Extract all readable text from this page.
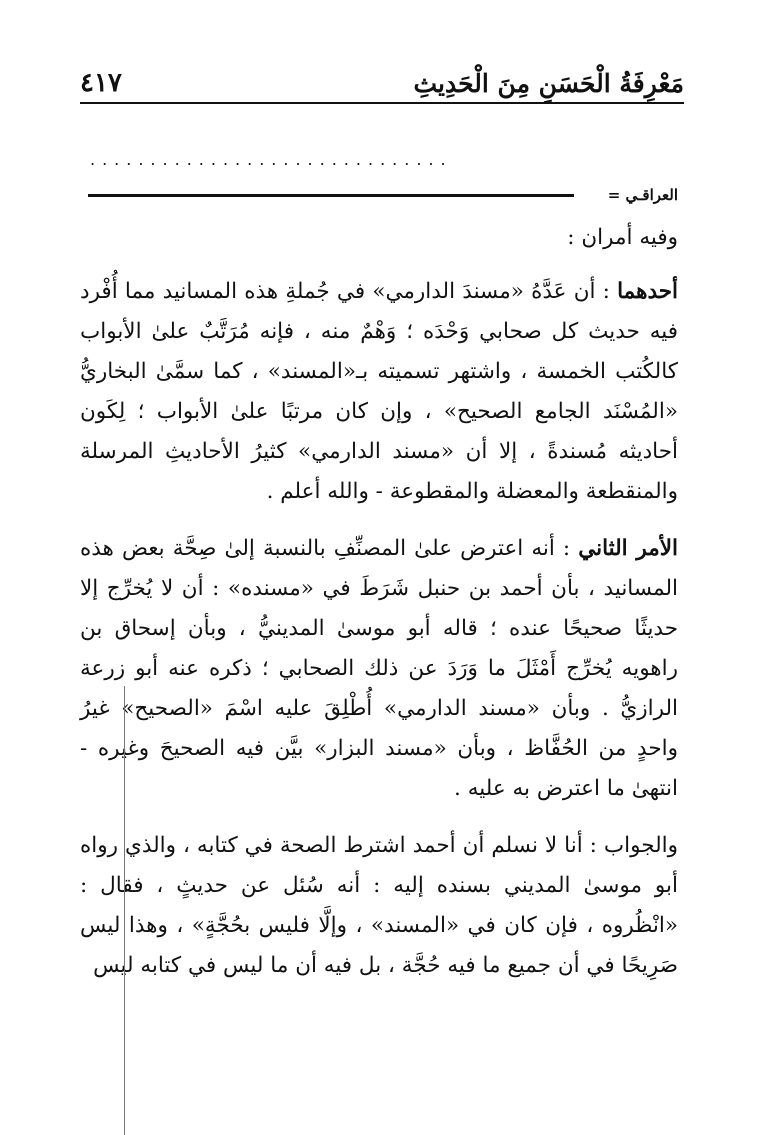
مَعْرِفَةُ الْحَسَنِ مِنَ الْحَدِيثِ
٤١٧
..............................
العراقـي =

وفيه أمران :

أحدهما : أن عَدَّهُ «مسندَ الدارمي» في جُملةِ هذه المسانيد مما أُفْرد فيه حديث كل صحابي وَحْدَه ؛ وَهْمٌ منه ، فإنه مُرَتَّبٌ علىٰ الأبواب كالكُتب الخمسة ، واشتهر تسميته بـ«المسند» ، كما سمَّىٰ البخاريُّ «المُسْنَد الجامع الصحيح» ، وإن كان مرتبًا علىٰ الأبواب ؛ لِكَون أحاديثه مُسندةً ، إلا أن «مسند الدارمي» كثيرُ الأحاديثِ المرسلة والمنقطعة والمعضلة والمقطوعة - والله أعلم .

الأمر الثاني : أنه اعترض علىٰ المصنِّفِ بالنسبة إلىٰ صِحَّة بعض هذه المسانيد ، بأن أحمد بن حنبل شَرَطَ في «مسنده» : أن لا يُخرِّج إلا حديثًا صحيحًا عنده ؛ قاله أبو موسىٰ المدينيُّ ، وبأن إسحاق بن راهويه يُخرِّج أَمْثَلَ ما وَرَدَ عن ذلك الصحابي ؛ ذكره عنه أبو زرعة الرازيُّ . وبأن «مسند الدارمي» أُطْلِقَ عليه اسْمَ «الصحيح» غيرُ واحدٍ من الحُفَّاظ ، وبأن «مسند البزار» بيَّن فيه الصحيحَ وغيره - انتهىٰ ما اعترض به عليه .

والجواب : أنا لا نسلم أن أحمد اشترط الصحة في كتابه ، والذي رواه أبو موسىٰ المديني بسنده إليه : أنه سُئل عن حديثٍ ، فقال : «انْظُروه ، فإن كان في «المسند» ، وإلَّا فليس بحُجَّةٍ» ، وهذا ليس صَرِيحًا في أن جميع ما فيه حُجَّة ، بل فيه أن ما ليس في كتابه ليس
